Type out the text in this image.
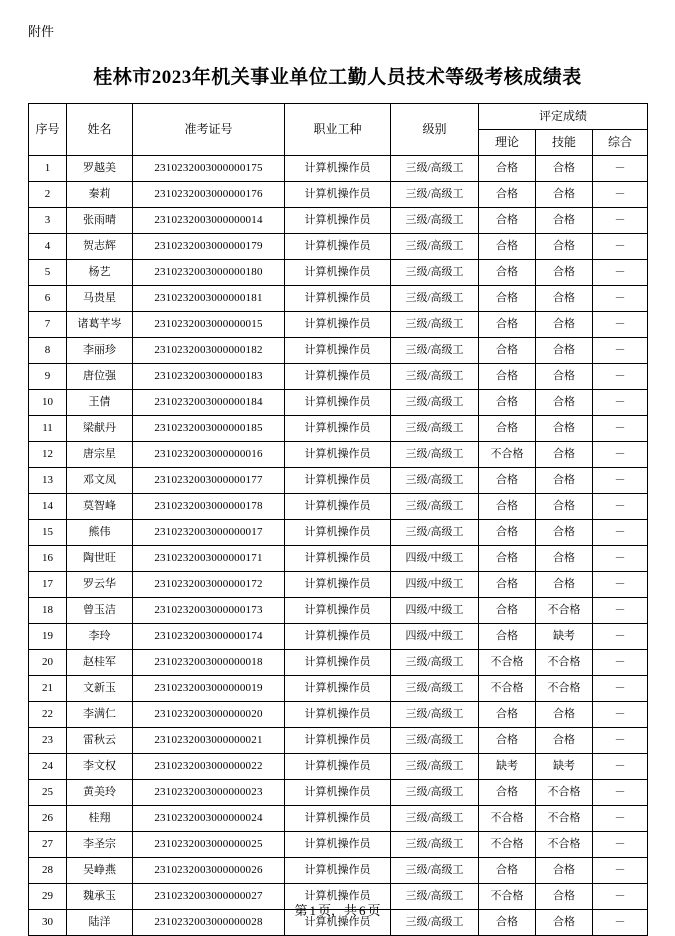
附件
桂林市2023年机关事业单位工勤人员技术等级考核成绩表
序号	姓名	准考证号	职业工种	级别	评定成绩		
					理论	技能	综合
1	罗越美	2310232003000000175	计算机操作员	三级/高级工	合格	合格	－
2	秦莉	2310232003000000176	计算机操作员	三级/高级工	合格	合格	－
3	张雨晴	2310232003000000014	计算机操作员	三级/高级工	合格	合格	－
4	贺志辉	2310232003000000179	计算机操作员	三级/高级工	合格	合格	－
5	杨艺	2310232003000000180	计算机操作员	三级/高级工	合格	合格	－
6	马贵星	2310232003000000181	计算机操作员	三级/高级工	合格	合格	－
7	诸葛芊岑	2310232003000000015	计算机操作员	三级/高级工	合格	合格	－
8	李丽珍	2310232003000000182	计算机操作员	三级/高级工	合格	合格	－
9	唐位强	2310232003000000183	计算机操作员	三级/高级工	合格	合格	－
10	王倩	2310232003000000184	计算机操作员	三级/高级工	合格	合格	－
11	梁献丹	2310232003000000185	计算机操作员	三级/高级工	合格	合格	－
12	唐宗星	2310232003000000016	计算机操作员	三级/高级工	不合格	合格	－
13	邓文凤	2310232003000000177	计算机操作员	三级/高级工	合格	合格	－
14	莫智峰	2310232003000000178	计算机操作员	三级/高级工	合格	合格	－
15	熊伟	2310232003000000017	计算机操作员	三级/高级工	合格	合格	－
16	陶世旺	2310232003000000171	计算机操作员	四级/中级工	合格	合格	－
17	罗云华	2310232003000000172	计算机操作员	四级/中级工	合格	合格	－
18	曾玉洁	2310232003000000173	计算机操作员	四级/中级工	合格	不合格	－
19	李玲	2310232003000000174	计算机操作员	四级/中级工	合格	缺考	－
20	赵桂军	2310232003000000018	计算机操作员	三级/高级工	不合格	不合格	－
21	文新玉	2310232003000000019	计算机操作员	三级/高级工	不合格	不合格	－
22	李满仁	2310232003000000020	计算机操作员	三级/高级工	合格	合格	－
23	雷秋云	2310232003000000021	计算机操作员	三级/高级工	合格	合格	－
24	李文权	2310232003000000022	计算机操作员	三级/高级工	缺考	缺考	－
25	黄美玲	2310232003000000023	计算机操作员	三级/高级工	合格	不合格	－
26	桂翔	2310232003000000024	计算机操作员	三级/高级工	不合格	不合格	－
27	李圣宗	2310232003000000025	计算机操作员	三级/高级工	不合格	不合格	－
28	吴峥燕	2310232003000000026	计算机操作员	三级/高级工	合格	合格	－
29	魏承玉	2310232003000000027	计算机操作员	三级/高级工	不合格	合格	－
30	陆洋	2310232003000000028	计算机操作员	三级/高级工	合格	合格	－
第 1 页，共 6 页
